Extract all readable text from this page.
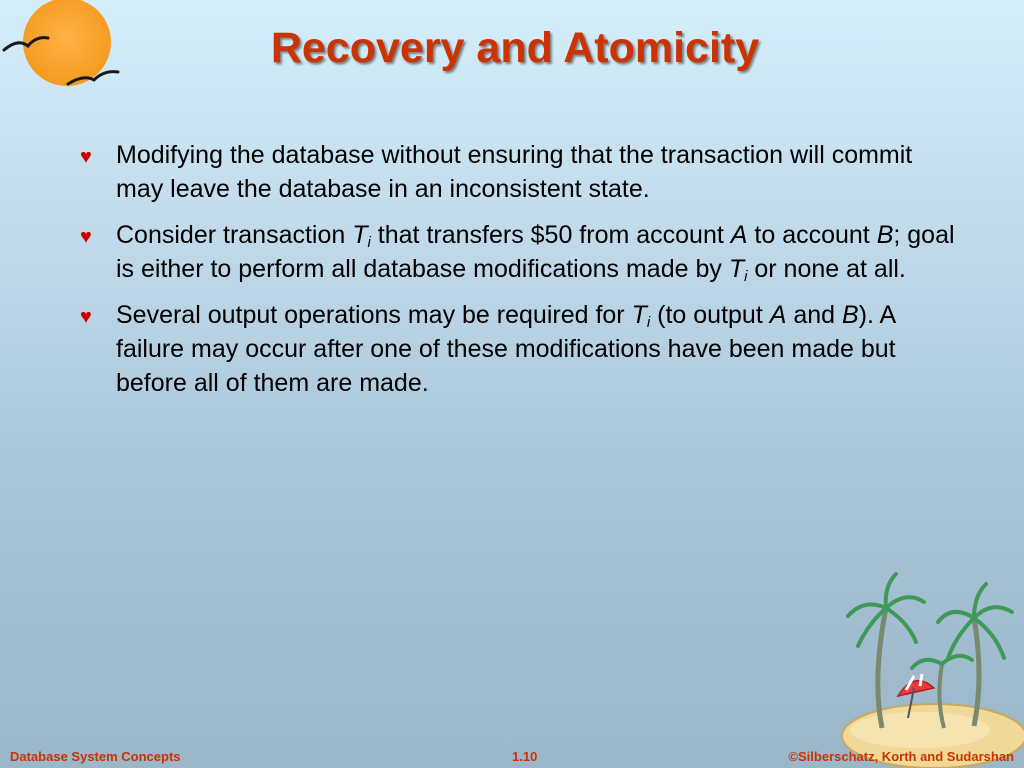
Recovery and Atomicity
♥ Modifying the database without ensuring that the transaction will commit may leave the database in an inconsistent state.
♥ Consider transaction $T_i$ that transfers $50 from account A to account B; goal is either to perform all database modifications made by $T_i$ or none at all.
♥ Several output operations may be required for $T_i$ (to output A and B). A failure may occur after one of these modifications have been made but before all of them are made.
Database System Concepts	1.10	©Silberschatz, Korth and Sudarshan
